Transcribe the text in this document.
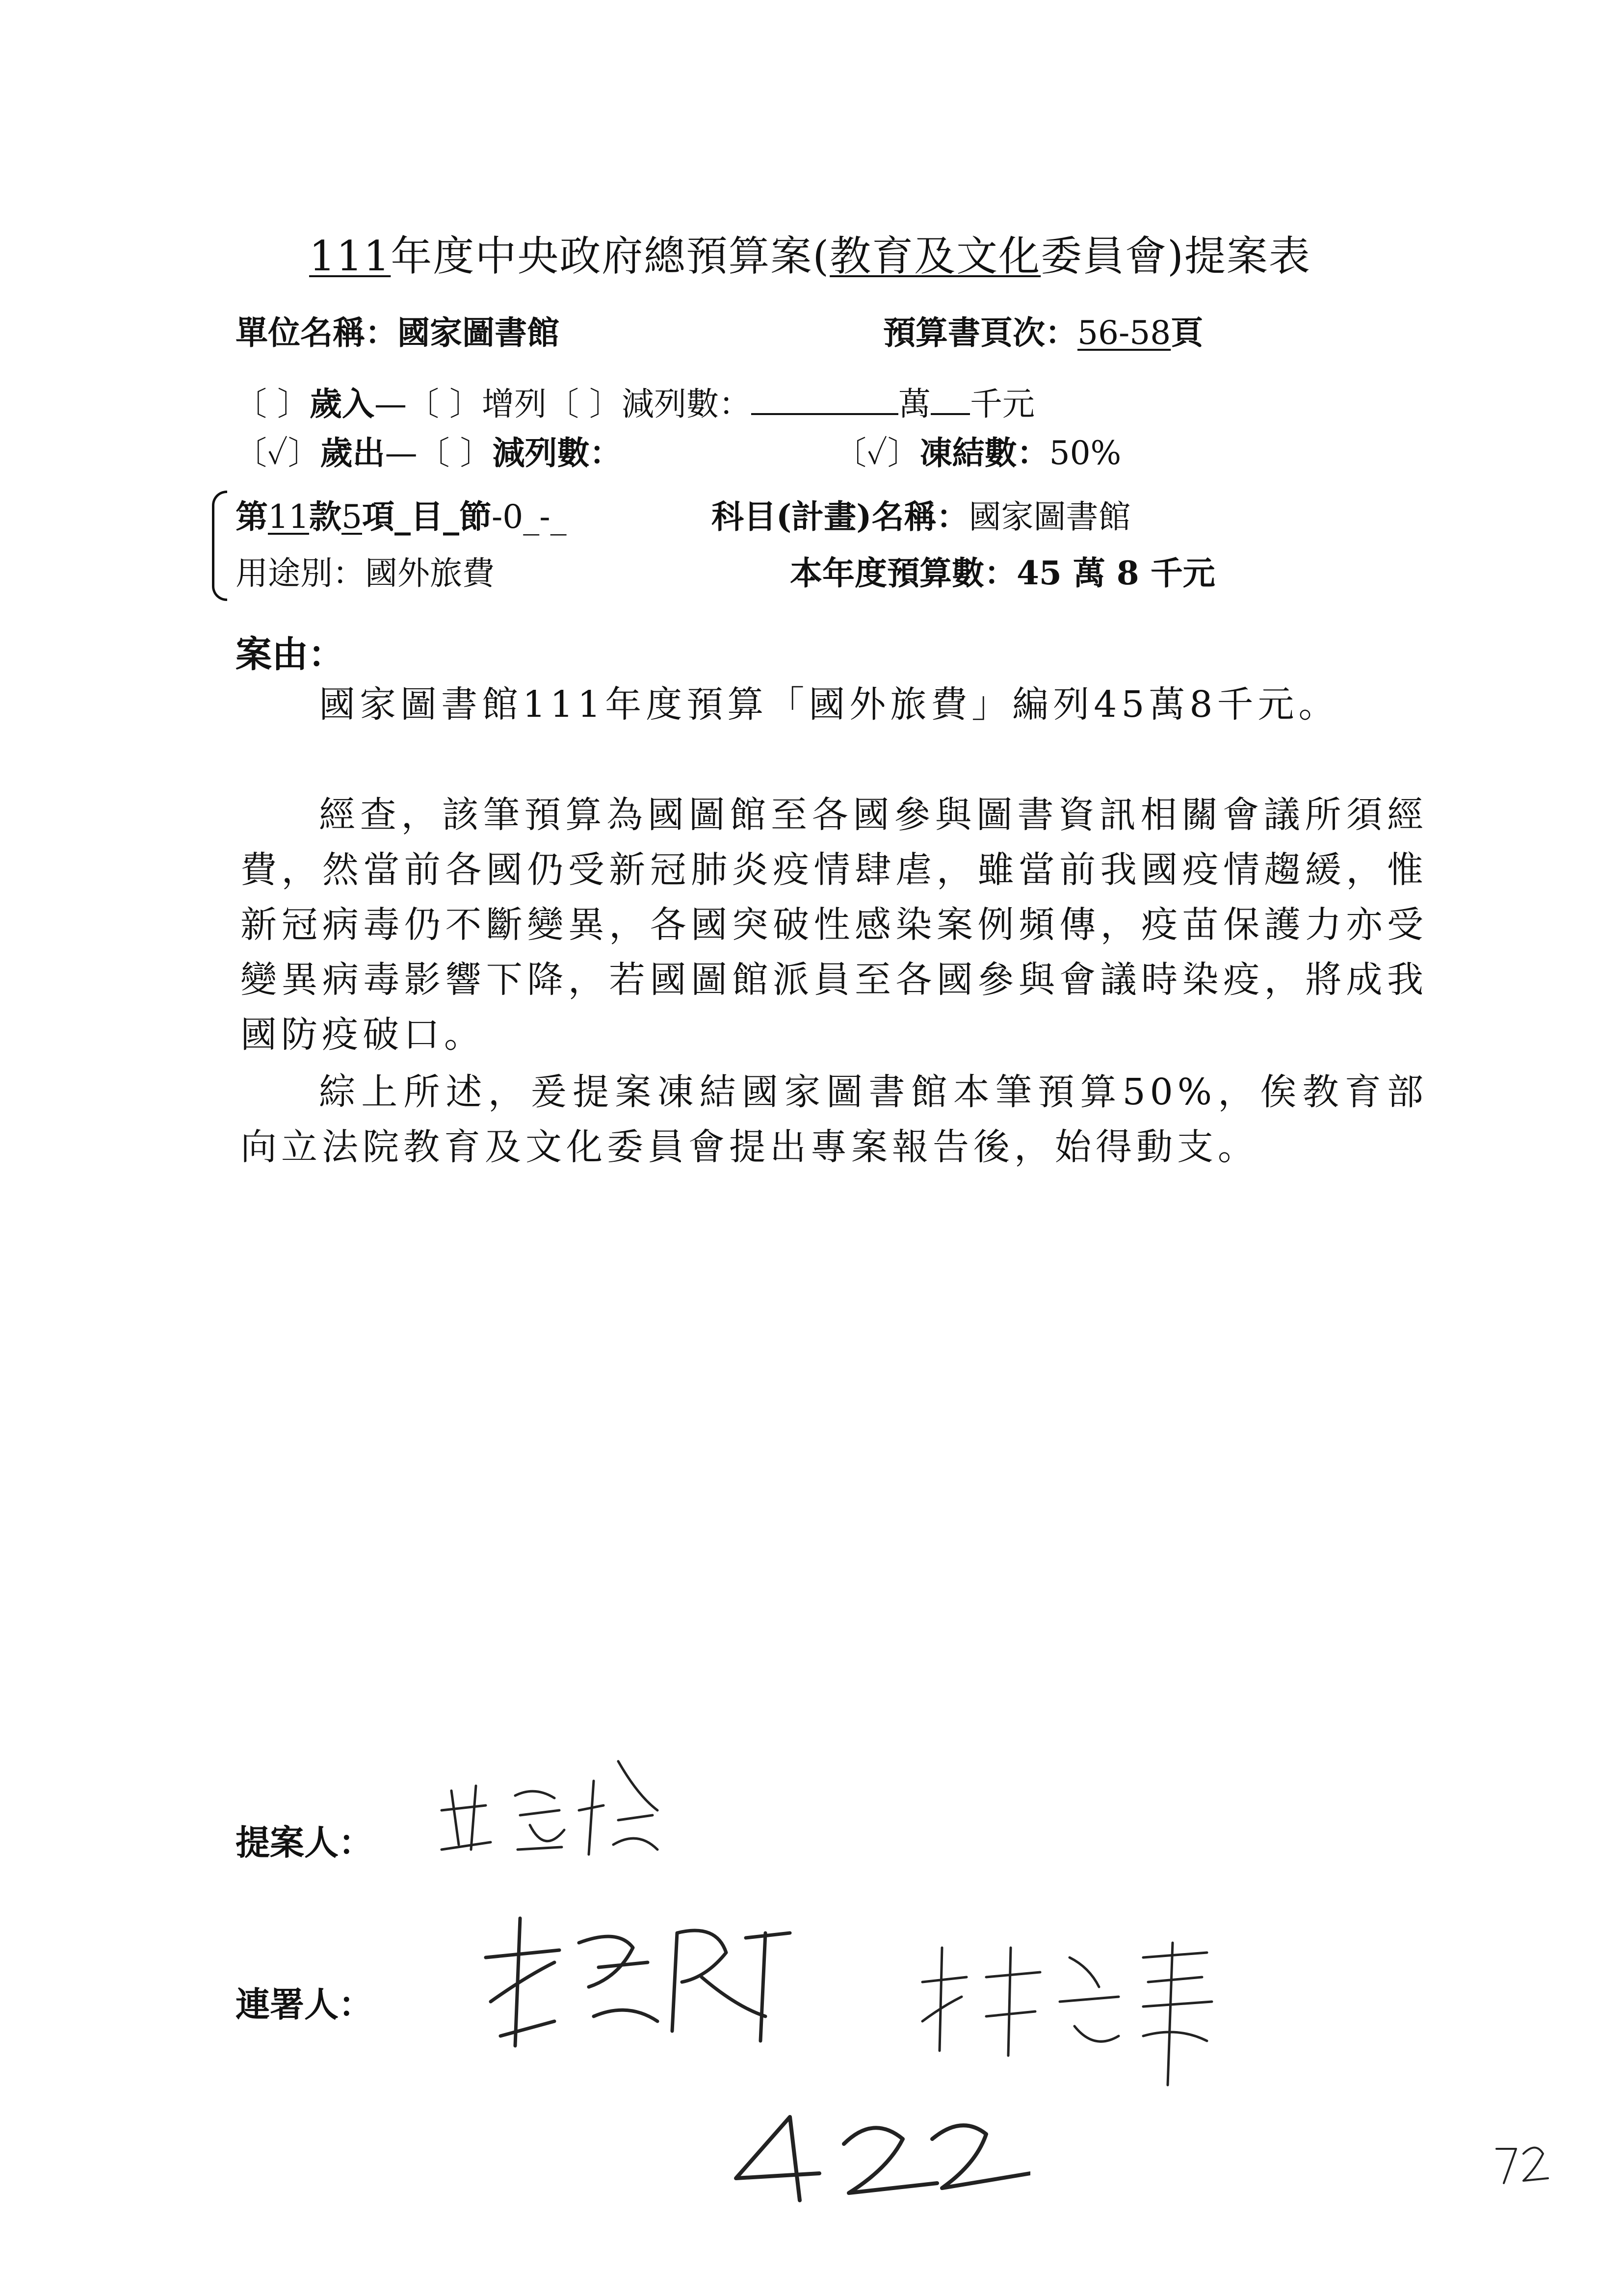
111年度中央政府總預算案(教育及文化委員會)提案表
單位名稱：國家圖書館	預算書頁次：56-58頁
〔 〕歲入—〔 〕增列〔 〕減列數：	萬 千元
〔✓〕歲出—〔 〕減列數：	〔✓〕凍結數：50%
第11款5項_目_節-0_-_	科目(計畫)名稱：國家圖書館
用途別：國外旅費	本年度預算數：45 萬 8 千元
案由：
國家圖書館111年度預算「國外旅費」編列45萬8千元。
經查，該筆預算為國圖館至各國參與圖書資訊相關會議所須經費，然當前各國仍受新冠肺炎疫情肆虐，雖當前我國疫情趨緩，惟新冠病毒仍不斷變異，各國突破性感染案例頻傳，疫苗保護力亦受變異病毒影響下降，若國圖館派員至各國參與會議時染疫，將成我國防疫破口。
綜上所述，爰提案凍結國家圖書館本筆預算50%，俟教育部向立法院教育及文化委員會提出專案報告後，始得動支。
提案人：
連署人：
